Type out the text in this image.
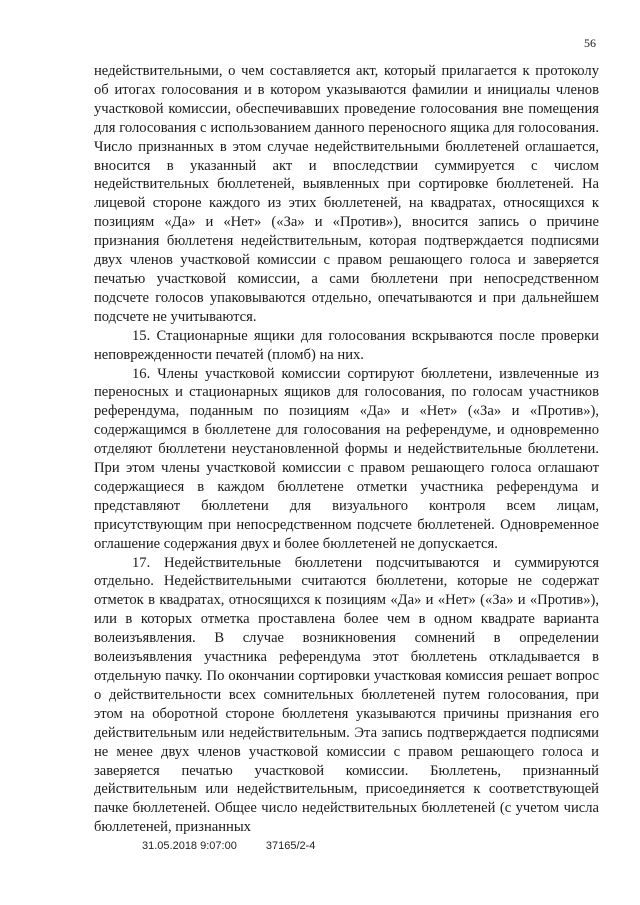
56

недействительными, о чем составляется акт, который прилагается к протоколу об итогах голосования и в котором указываются фамилии и инициалы членов участковой комиссии, обеспечивавших проведение голосования вне помещения для голосования с использованием данного переносного ящика для голосования. Число признанных в этом случае недействительными бюллетеней оглашается, вносится в указанный акт и впоследствии суммируется с числом недействительных бюллетеней, выявленных при сортировке бюллетеней. На лицевой стороне каждого из этих бюллетеней, на квадратах, относящихся к позициям «Да» и «Нет» («За» и «Против»), вносится запись о причине признания бюллетеня недействительным, которая подтверждается подписями двух членов участковой комиссии с правом решающего голоса и заверяется печатью участковой комиссии, а сами бюллетени при непосредственном подсчете голосов упаковываются отдельно, опечатываются и при дальнейшем подсчете не учитываются.

15. Стационарные ящики для голосования вскрываются после проверки неповрежденности печатей (пломб) на них.

16. Члены участковой комиссии сортируют бюллетени, извлеченные из переносных и стационарных ящиков для голосования, по голосам участников референдума, поданным по позициям «Да» и «Нет» («За» и «Против»), содержащимся в бюллетене для голосования на референдуме, и одновременно отделяют бюллетени неустановленной формы и недействительные бюллетени. При этом члены участковой комиссии с правом решающего голоса оглашают содержащиеся в каждом бюллетене отметки участника референдума и представляют бюллетени для визуального контроля всем лицам, присутствующим при непосредственном подсчете бюллетеней. Одновременное оглашение содержания двух и более бюллетеней не допускается.

17. Недействительные бюллетени подсчитываются и суммируются отдельно. Недействительными считаются бюллетени, которые не содержат отметок в квадратах, относящихся к позициям «Да» и «Нет» («За» и «Против»), или в которых отметка проставлена более чем в одном квадрате варианта волеизъявления. В случае возникновения сомнений в определении волеизъявления участника референдума этот бюллетень откладывается в отдельную пачку. По окончании сортировки участковая комиссия решает вопрос о действительности всех сомнительных бюллетеней путем голосования, при этом на оборотной стороне бюллетеня указываются причины признания его действительным или недействительным. Эта запись подтверждается подписями не менее двух членов участковой комиссии с правом решающего голоса и заверяется печатью участковой комиссии. Бюллетень, признанный действительным или недействительным, присоединяется к соответствующей пачке бюллетеней. Общее число недействительных бюллетеней (с учетом числа бюллетеней, признанных

31.05.2018 9:07:00	37165/2-4
